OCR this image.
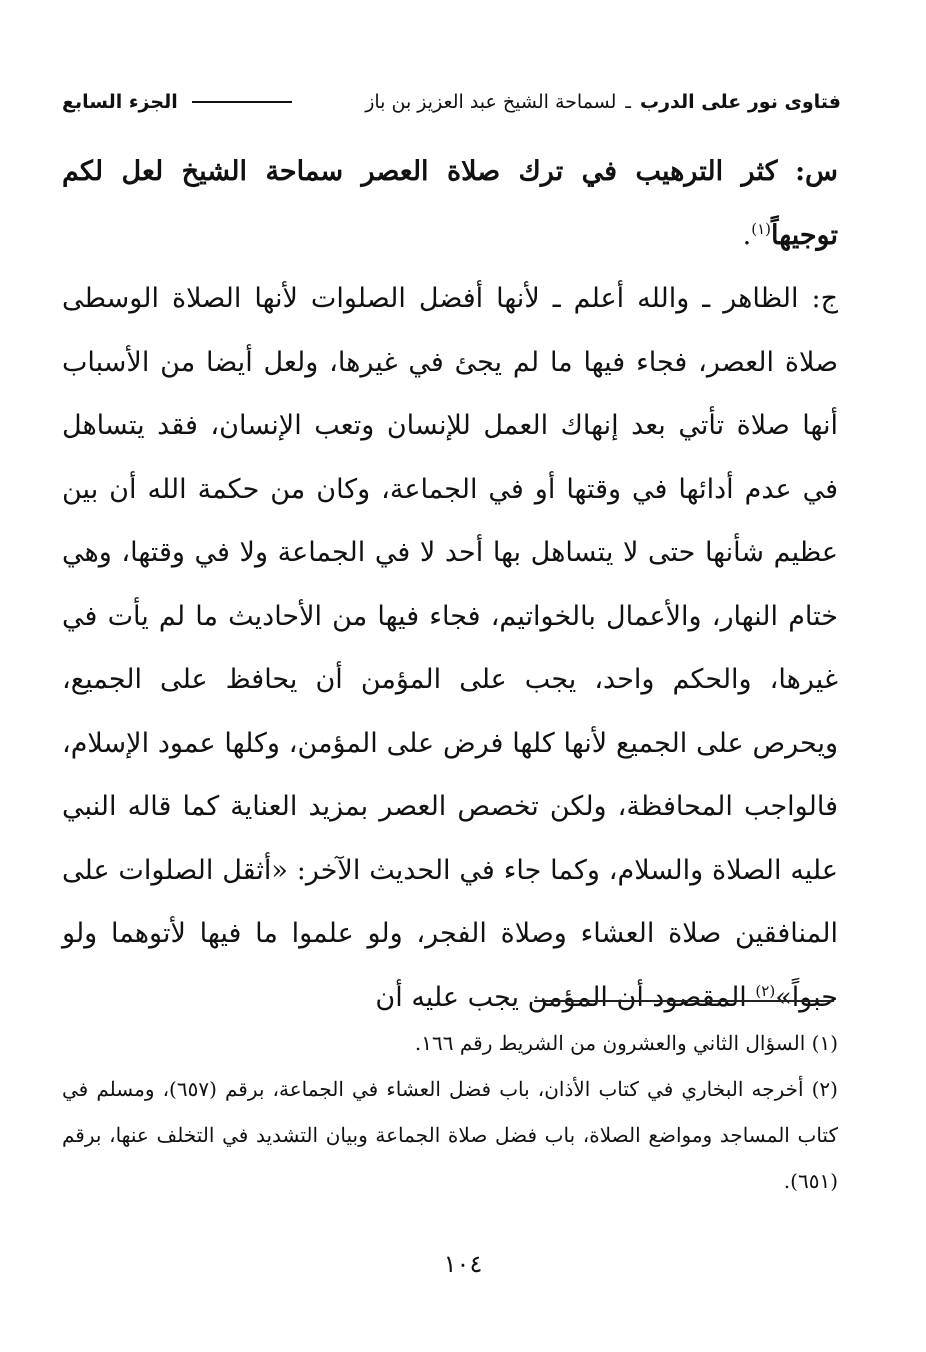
فتاوى نور على الدرب
ـ
لسماحة الشيخ عبد العزيز بن باز
الجزء السابع

س: كثر الترهيب في ترك صلاة العصر سماحة الشيخ لعل لكم توجيهاً$^{(١)}$.

ج: الظاهر ـ والله أعلم ـ لأنها أفضل الصلوات لأنها الصلاة الوسطى صلاة العصر، فجاء فيها ما لم يجئ في غيرها، ولعل أيضا من الأسباب أنها صلاة تأتي بعد إنهاك العمل للإنسان وتعب الإنسان، فقد يتساهل في عدم أدائها في وقتها أو في الجماعة، وكان من حكمة الله أن بين عظيم شأنها حتى لا يتساهل بها أحد لا في الجماعة ولا في وقتها، وهي ختام النهار، والأعمال بالخواتيم، فجاء فيها من الأحاديث ما لم يأت في غيرها، والحكم واحد، يجب على المؤمن أن يحافظ على الجميع، ويحرص على الجميع لأنها كلها فرض على المؤمن، وكلها عمود الإسلام، فالواجب المحافظة، ولكن تخصص العصر بمزيد العناية كما قاله النبي عليه الصلاة والسلام، وكما جاء في الحديث الآخر: «أثقل الصلوات على المنافقين صلاة العشاء وصلاة الفجر، ولو علموا ما فيها لأتوهما ولو حبواً»$^{(٢)}$ المقصود أن المؤمن يجب عليه أن

(١) السؤال الثاني والعشرون من الشريط رقم ١٦٦.

(٢) أخرجه البخاري في كتاب الأذان، باب فضل العشاء في الجماعة، برقم (٦٥٧)، ومسلم في كتاب المساجد ومواضع الصلاة، باب فضل صلاة الجماعة وبيان التشديد في التخلف عنها، برقم (٦٥١).

١٠٤
